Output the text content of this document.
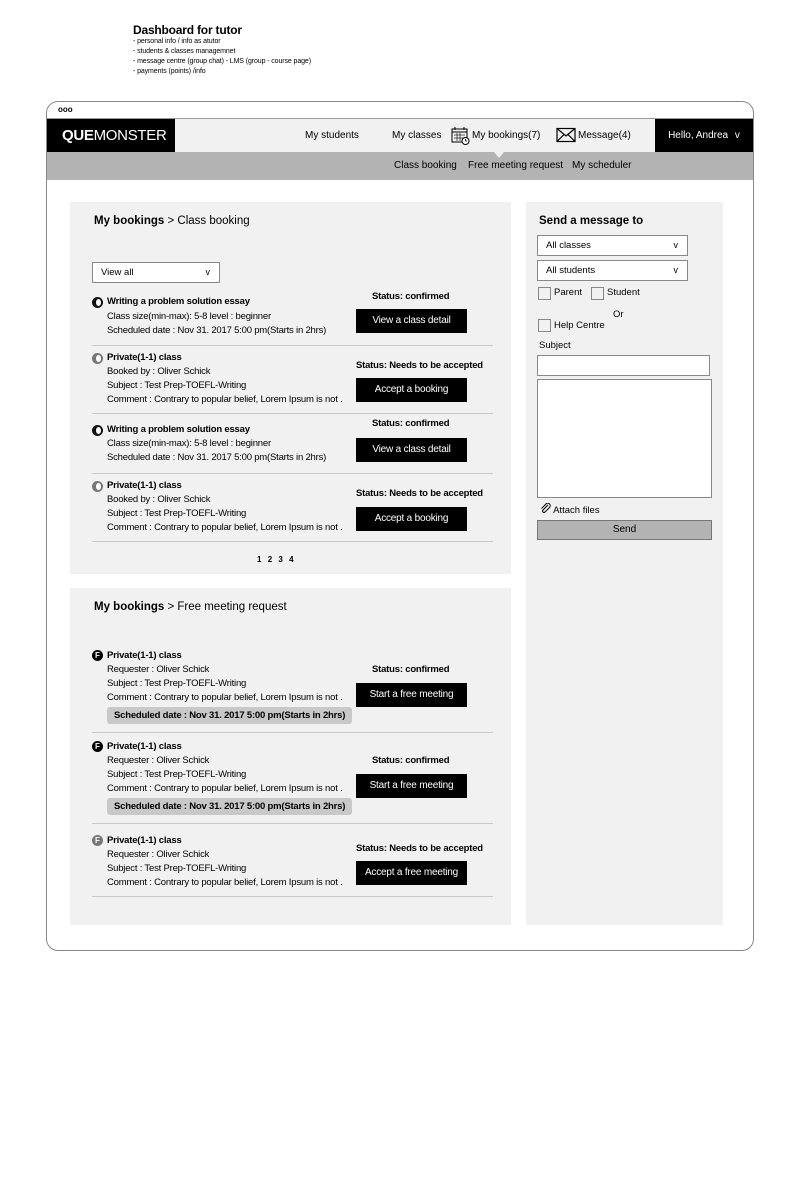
Dashboard for tutor
- personal info / info as atutor
- students & classes managemnet
- message centre (group chat) - LMS (group - course page)
- payments (points) /info
ooo
QUEMONSTER	My students	My classes	My bookings(7)	Message(4)	Hello, Andrea v
Class booking Free meeting request My scheduler
My bookings > Class booking
View all	v
Writing a problem solution essay
Class size(min-max): 5-8 level : beginner
Scheduled date : Nov 31. 2017 5:00 pm(Starts in 2hrs)
Status: confirmed
View a class detail
Private(1-1) class
Booked by : Oliver Schick
Subject : Test Prep-TOEFL-Writing
Comment : Contrary to popular belief, Lorem Ipsum is not .
Status: Needs to be accepted
Accept a booking
Writing a problem solution essay
Class size(min-max): 5-8 level : beginner
Scheduled date : Nov 31. 2017 5:00 pm(Starts in 2hrs)
Status: confirmed
View a class detail
Private(1-1) class
Booked by : Oliver Schick
Subject : Test Prep-TOEFL-Writing
Comment : Contrary to popular belief, Lorem Ipsum is not .
Status: Needs to be accepted
Accept a booking
1 2 3 4
My bookings > Free meeting request
F Private(1-1) class
Requester : Oliver Schick
Subject : Test Prep-TOEFL-Writing
Comment : Contrary to popular belief, Lorem Ipsum is not .
Scheduled date : Nov 31. 2017 5:00 pm(Starts in 2hrs)
Status: confirmed
Start a free meeting
F Private(1-1) class
Requester : Oliver Schick
Subject : Test Prep-TOEFL-Writing
Comment : Contrary to popular belief, Lorem Ipsum is not .
Scheduled date : Nov 31. 2017 5:00 pm(Starts in 2hrs)
Status: confirmed
Start a free meeting
F Private(1-1) class
Requester : Oliver Schick
Subject : Test Prep-TOEFL-Writing
Comment : Contrary to popular belief, Lorem Ipsum is not .
Status: Needs to be accepted
Accept a free meeting
Send a message to
All classes	v
All students	v
Parent	Student
Or
Help Centre
Subject
Attach files
Send
